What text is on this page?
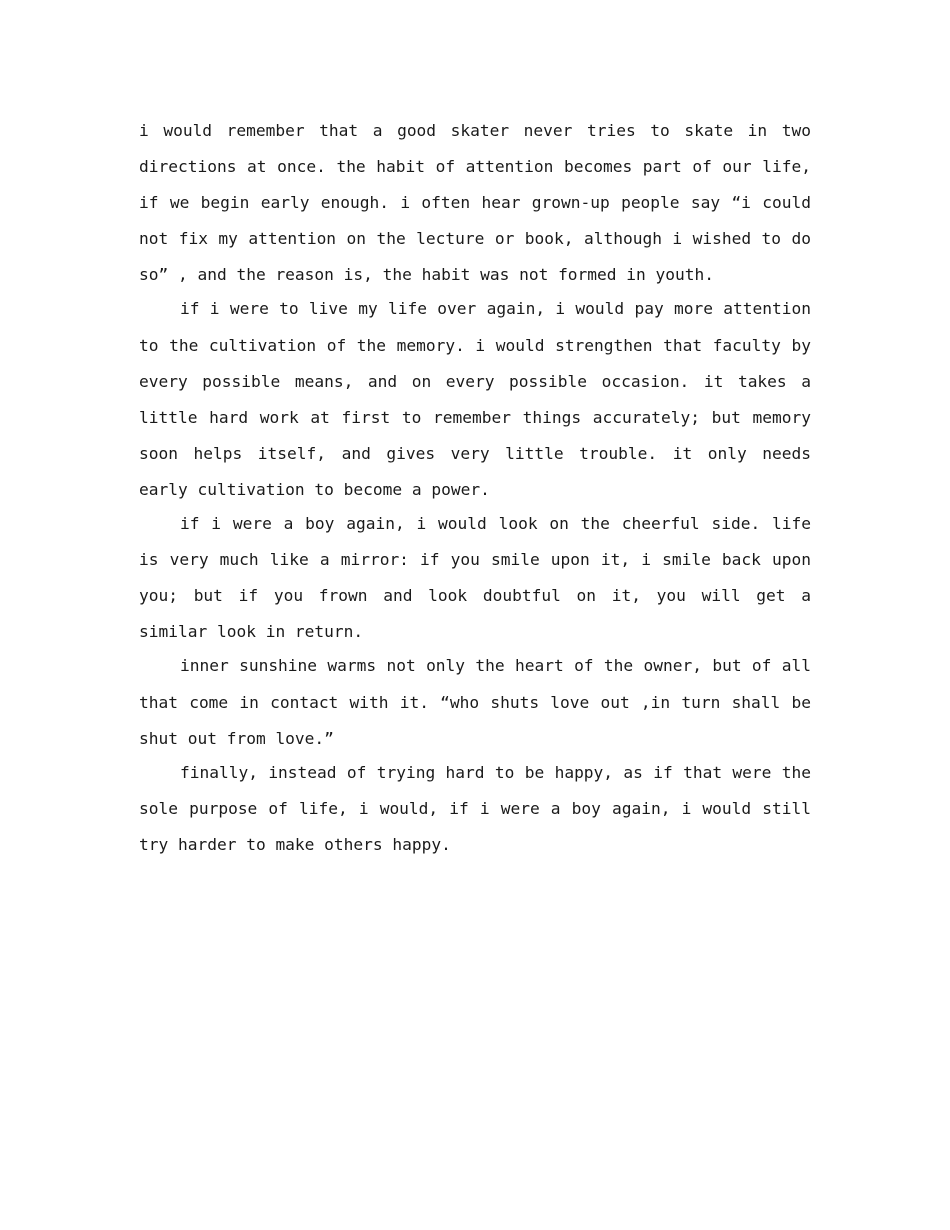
i would remember that a good skater never tries to skate in two directions at once. the habit of attention becomes part of our life, if we begin early enough. i often hear grown-up people say “i could not fix my attention on the lecture or book, although i wished to do so” , and the reason is, the habit was not formed in youth.

if i were to live my life over again, i would pay more attention to the cultivation of the memory. i would strengthen that faculty by every possible means, and on every possible occasion. it takes a little hard work at first to remember things accurately; but memory soon helps itself, and gives very little trouble. it only needs early cultivation to become a power.

if i were a boy again, i would look on the cheerful side. life is very much like a mirror: if you smile upon it, i smile back upon you; but if you frown and look doubtful on it, you will get a similar look in return.

inner sunshine warms not only the heart of the owner, but of all that come in contact with it. “who shuts love out ,in turn shall be shut out from love.”

finally, instead of trying hard to be happy, as if that were the sole purpose of life, i would, if i were a boy again, i would still try harder to make others happy.
